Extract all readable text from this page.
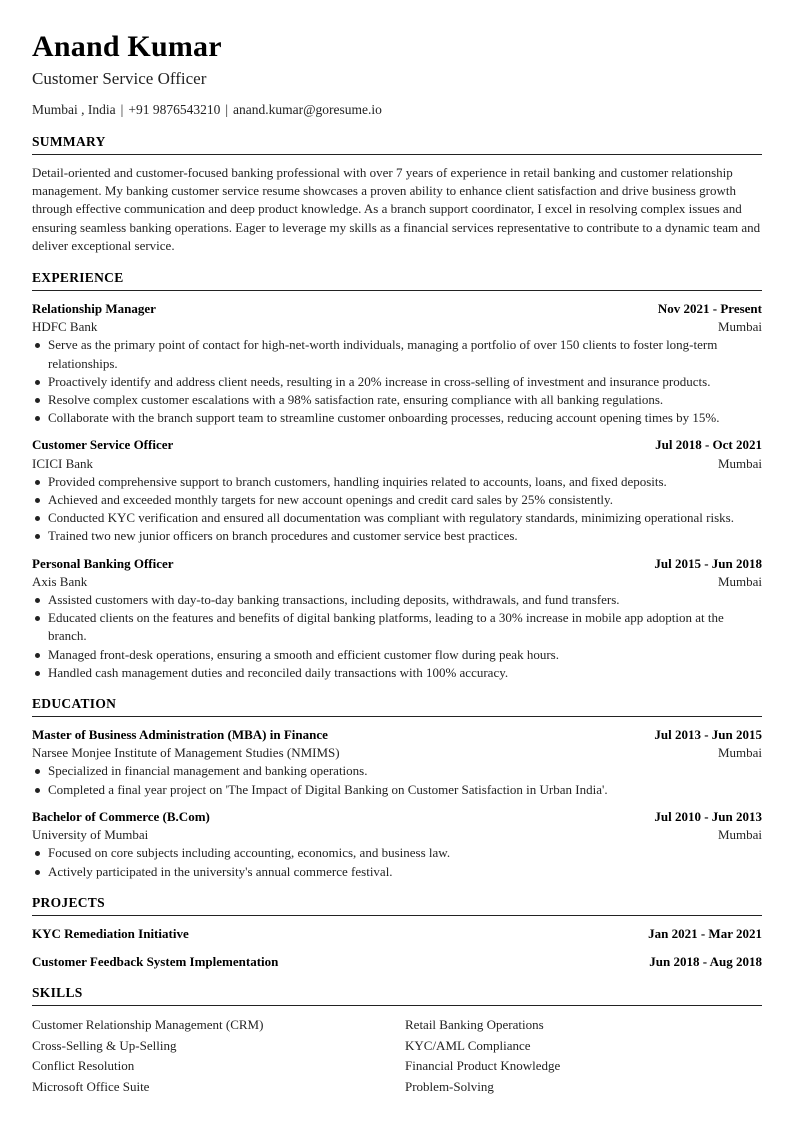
Anand Kumar
Customer Service Officer
Mumbai , India | +91 9876543210 | anand.kumar@goresume.io
SUMMARY
Detail-oriented and customer-focused banking professional with over 7 years of experience in retail banking and customer relationship management. My banking customer service resume showcases a proven ability to enhance client satisfaction and drive business growth through effective communication and deep product knowledge. As a branch support coordinator, I excel in resolving complex issues and ensuring seamless banking operations. Eager to leverage my skills as a financial services representative to contribute to a dynamic team and deliver exceptional service.
EXPERIENCE
Relationship Manager	Nov 2021 - Present
HDFC Bank	Mumbai
Serve as the primary point of contact for high-net-worth individuals, managing a portfolio of over 150 clients to foster long-term relationships.
Proactively identify and address client needs, resulting in a 20% increase in cross-selling of investment and insurance products.
Resolve complex customer escalations with a 98% satisfaction rate, ensuring compliance with all banking regulations.
Collaborate with the branch support team to streamline customer onboarding processes, reducing account opening times by 15%.
Customer Service Officer	Jul 2018 - Oct 2021
ICICI Bank	Mumbai
Provided comprehensive support to branch customers, handling inquiries related to accounts, loans, and fixed deposits.
Achieved and exceeded monthly targets for new account openings and credit card sales by 25% consistently.
Conducted KYC verification and ensured all documentation was compliant with regulatory standards, minimizing operational risks.
Trained two new junior officers on branch procedures and customer service best practices.
Personal Banking Officer	Jul 2015 - Jun 2018
Axis Bank	Mumbai
Assisted customers with day-to-day banking transactions, including deposits, withdrawals, and fund transfers.
Educated clients on the features and benefits of digital banking platforms, leading to a 30% increase in mobile app adoption at the branch.
Managed front-desk operations, ensuring a smooth and efficient customer flow during peak hours.
Handled cash management duties and reconciled daily transactions with 100% accuracy.
EDUCATION
Master of Business Administration (MBA) in Finance	Jul 2013 - Jun 2015
Narsee Monjee Institute of Management Studies (NMIMS)	Mumbai
Specialized in financial management and banking operations.
Completed a final year project on 'The Impact of Digital Banking on Customer Satisfaction in Urban India'.
Bachelor of Commerce (B.Com)	Jul 2010 - Jun 2013
University of Mumbai	Mumbai
Focused on core subjects including accounting, economics, and business law.
Actively participated in the university's annual commerce festival.
PROJECTS
KYC Remediation Initiative	Jan 2021 - Mar 2021
Customer Feedback System Implementation	Jun 2018 - Aug 2018
SKILLS
Customer Relationship Management (CRM)	Retail Banking Operations
Cross-Selling & Up-Selling	KYC/AML Compliance
Conflict Resolution	Financial Product Knowledge
Microsoft Office Suite	Problem-Solving
